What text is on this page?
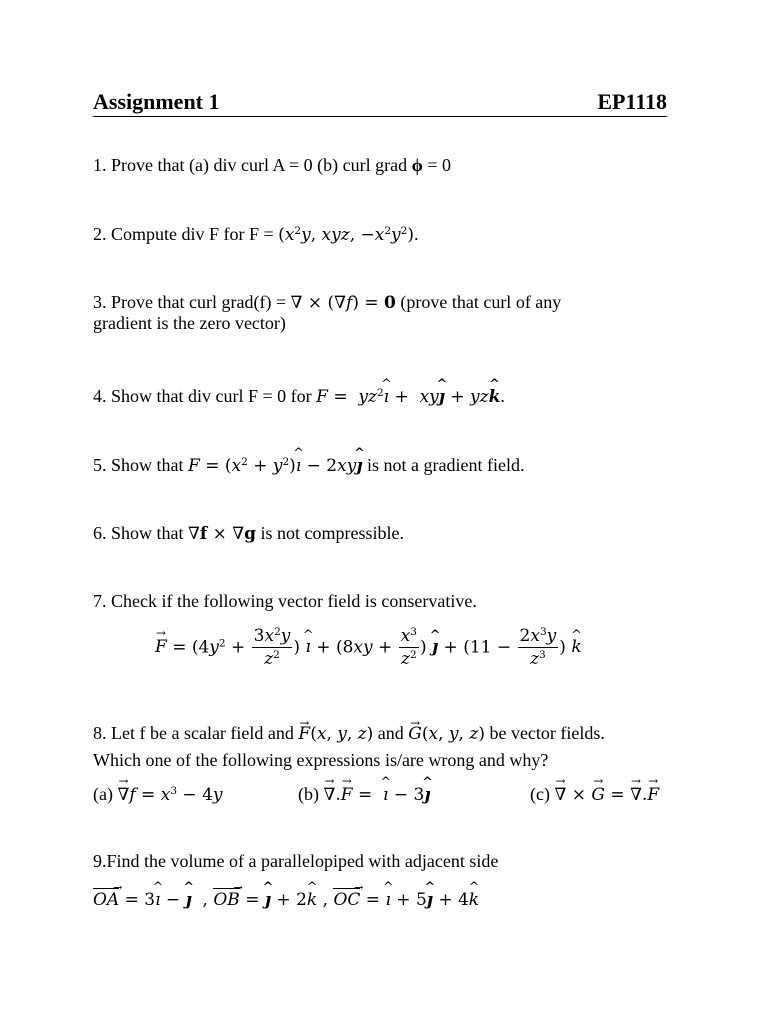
Assignment 1	EP1118
1. Prove that (a) div curl A = 0 (b) curl grad ϕ = 0
2. Compute div F for $F = (x^2y$, xyz, $-x^2y^2$).
3. Prove that curl grad(f) = ∇ × (∇f) = 0 (prove that curl of any
gradient is the zero vector)
4. Show that div curl F = 0 for $F = yz^2ı$ ^ +  xyȷ ^ + yzk ^.
5. Show that $F = (x^2$ + $y^2)ı$ ^ − 2xyȷ ^ is not a gradient field.
6. Show that ∇f × ∇g is not compressible.
7. Check if the following vector field is conservative.
F → = ($4y^2 + \frac{3x^2y}{z^2}$ ) ı ^ + ($8xy + \frac{x^3}{z^2}$ ) ȷ ^ + ($11 - \frac{2x^3y}{z^3}$ ) k ^
8. Let f be a scalar field and F →(x, y, z) and G →(x, y, z) be vector fields.
Which one of the following expressions is/are wrong and why?
(a) ∇ $\to f = x^3 - 4y$	(b) ∇ →.F → =  ı ^ − 3ȷ ^	(c) ∇ → × G → = ∇ →.F →
9.Find the volume of a parallelopiped with adjacent side
OA → = 3ı ^ − ȷ ^  , OB → = ȷ ^ + 2k ^ , OC → = ı ^ + 5ȷ ^ + 4k ^
